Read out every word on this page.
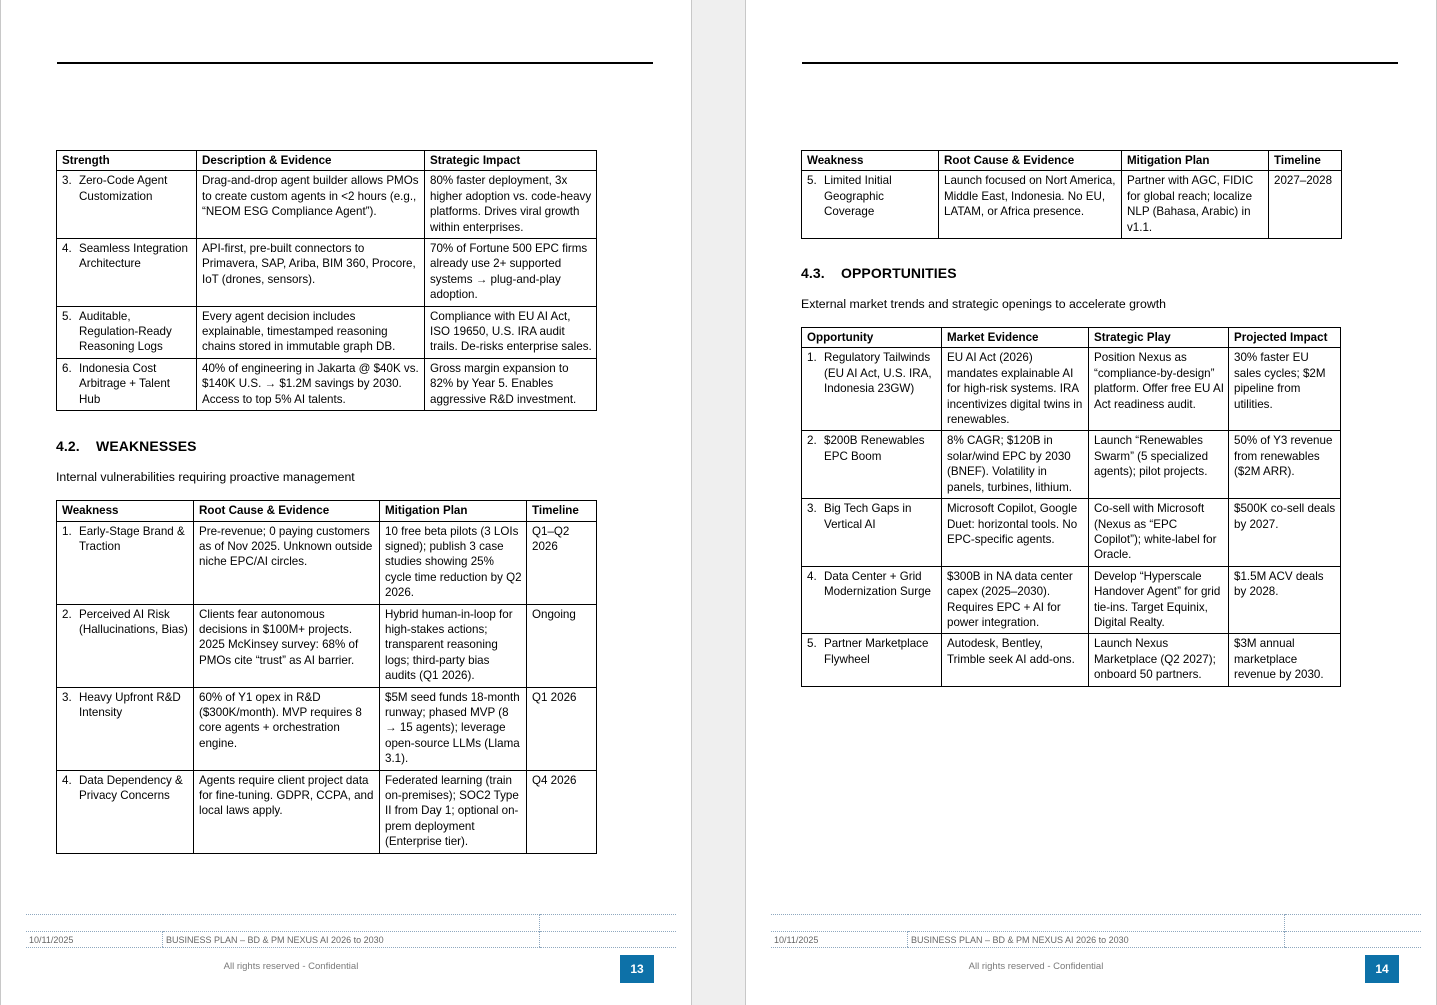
Strength	Description & Evidence	Strategic Impact

3. Zero-Code Agent Customization	Drag-and-drop agent builder allows PMOs to create custom agents in <2 hours (e.g., “NEOM ESG Compliance Agent”).	80% faster deployment, 3x higher adoption vs. code-heavy platforms. Drives viral growth within enterprises.

4. Seamless Integration Architecture	API-first, pre-built connectors to Primavera, SAP, Ariba, BIM 360, Procore, IoT (drones, sensors).	70% of Fortune 500 EPC firms already use 2+ supported systems → plug-and-play adoption.

5. Auditable, Regulation-Ready Reasoning Logs	Every agent decision includes explainable, timestamped reasoning chains stored in immutable graph DB.	Compliance with EU AI Act, ISO 19650, U.S. IRA audit trails. De-risks enterprise sales.

6. Indonesia Cost Arbitrage + Talent Hub	40% of engineering in Jakarta @ $40K vs. $140K U.S. → $1.2M savings by 2030. Access to top 5% AI talents.	Gross margin expansion to 82% by Year 5. Enables aggressive R&D investment.
4.2. WEAKNESSES

Internal vulnerabilities requiring proactive management

Weakness	Root Cause & Evidence	Mitigation Plan	Timeline

1. Early-Stage Brand & Traction	Pre-revenue; 0 paying customers as of Nov 2025. Unknown outside niche EPC/AI circles.	10 free beta pilots (3 LOIs signed); publish 3 case studies showing 25% cycle time reduction by Q2 2026.	Q1–Q2 2026

2. Perceived AI Risk (Hallucinations, Bias)	Clients fear autonomous decisions in $100M+ projects. 2025 McKinsey survey: 68% of PMOs cite “trust” as AI barrier.	Hybrid human-in-loop for high-stakes actions; transparent reasoning logs; third-party bias audits (Q1 2026).	Ongoing

3. Heavy Upfront R&D Intensity	60% of Y1 opex in R&D ($300K/month). MVP requires 8 core agents + orchestration engine.	$5M seed funds 18-month runway; phased MVP (8 → 15 agents); leverage open-source LLMs (Llama 3.1).	Q1 2026

4. Data Dependency & Privacy Concerns	Agents require client project data for fine-tuning. GDPR, CCPA, and local laws apply.	Federated learning (train on-premises); SOC2 Type II from Day 1; optional on-prem deployment (Enterprise tier).	Q4 2026

10/11/2025	BUSINESS PLAN – BD & PM NEXUS AI 2026 to 2030	
All rights reserved - Confidential	13
Weakness	Root Cause & Evidence	Mitigation Plan	Timeline

5. Limited Initial Geographic Coverage	Launch focused on Nort America, Middle East, Indonesia. No EU, LATAM, or Africa presence.	Partner with AGC, FIDIC for global reach; localize NLP (Bahasa, Arabic) in v1.1.	2027–2028
4.3. OPPORTUNITIES

External market trends and strategic openings to accelerate growth

Opportunity	Market Evidence	Strategic Play	Projected Impact

1. Regulatory Tailwinds (EU AI Act, U.S. IRA, Indonesia 23GW)	EU AI Act (2026) mandates explainable AI for high-risk systems. IRA incentivizes digital twins in renewables.	Position Nexus as “compliance-by-design” platform. Offer free EU AI Act readiness audit.	30% faster EU sales cycles; $2M pipeline from utilities.

2. $200B Renewables EPC Boom	8% CAGR; $120B in solar/wind EPC by 2030 (BNEF). Volatility in panels, turbines, lithium.	Launch “Renewables Swarm” (5 specialized agents); pilot projects.	50% of Y3 revenue from renewables ($2M ARR).

3. Big Tech Gaps in Vertical AI	Microsoft Copilot, Google Duet: horizontal tools. No EPC-specific agents.	Co-sell with Microsoft (Nexus as “EPC Copilot”); white-label for Oracle.	$500K co-sell deals by 2027.

4. Data Center + Grid Modernization Surge	$300B in NA data center capex (2025–2030). Requires EPC + AI for power integration.	Develop “Hyperscale Handover Agent” for grid tie-ins. Target Equinix, Digital Realty.	$1.5M ACV deals by 2028.

5. Partner Marketplace Flywheel	Autodesk, Bentley, Trimble seek AI add-ons.	Launch Nexus Marketplace (Q2 2027); onboard 50 partners.	$3M annual marketplace revenue by 2030.

10/11/2025	BUSINESS PLAN – BD & PM NEXUS AI 2026 to 2030	
All rights reserved - Confidential	14
